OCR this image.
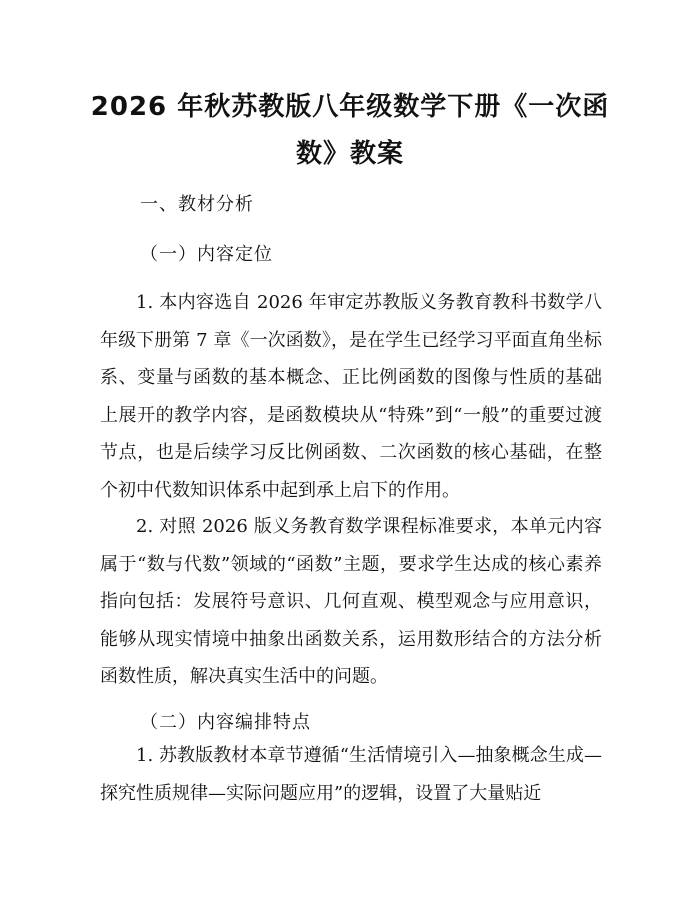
2026 年秋苏教版八年级数学下册《一次函
数》教案
一、教材分析
（一）内容定位

1. 本内容选自 2026 年审定苏教版义务教育教科书数学八年级下册第 7 章《一次函数》，是在学生已经学习平面直角坐标系、变量与函数的基本概念、正比例函数的图像与性质的基础上展开的教学内容，是函数模块从“特殊”到“一般”的重要过渡节点，也是后续学习反比例函数、二次函数的核心基础，在整个初中代数知识体系中起到承上启下的作用。

2. 对照 2026 版义务教育数学课程标准要求，本单元内容属于“数与代数”领域的“函数”主题，要求学生达成的核心素养指向包括：发展符号意识、几何直观、模型观念与应用意识，能够从现实情境中抽象出函数关系，运用数形结合的方法分析函数性质，解决真实生活中的问题。

（二）内容编排特点

1. 苏教版教材本章节遵循“生活情境引入—抽象概念生成—探究性质规律—实际问题应用”的逻辑，设置了大量贴近
